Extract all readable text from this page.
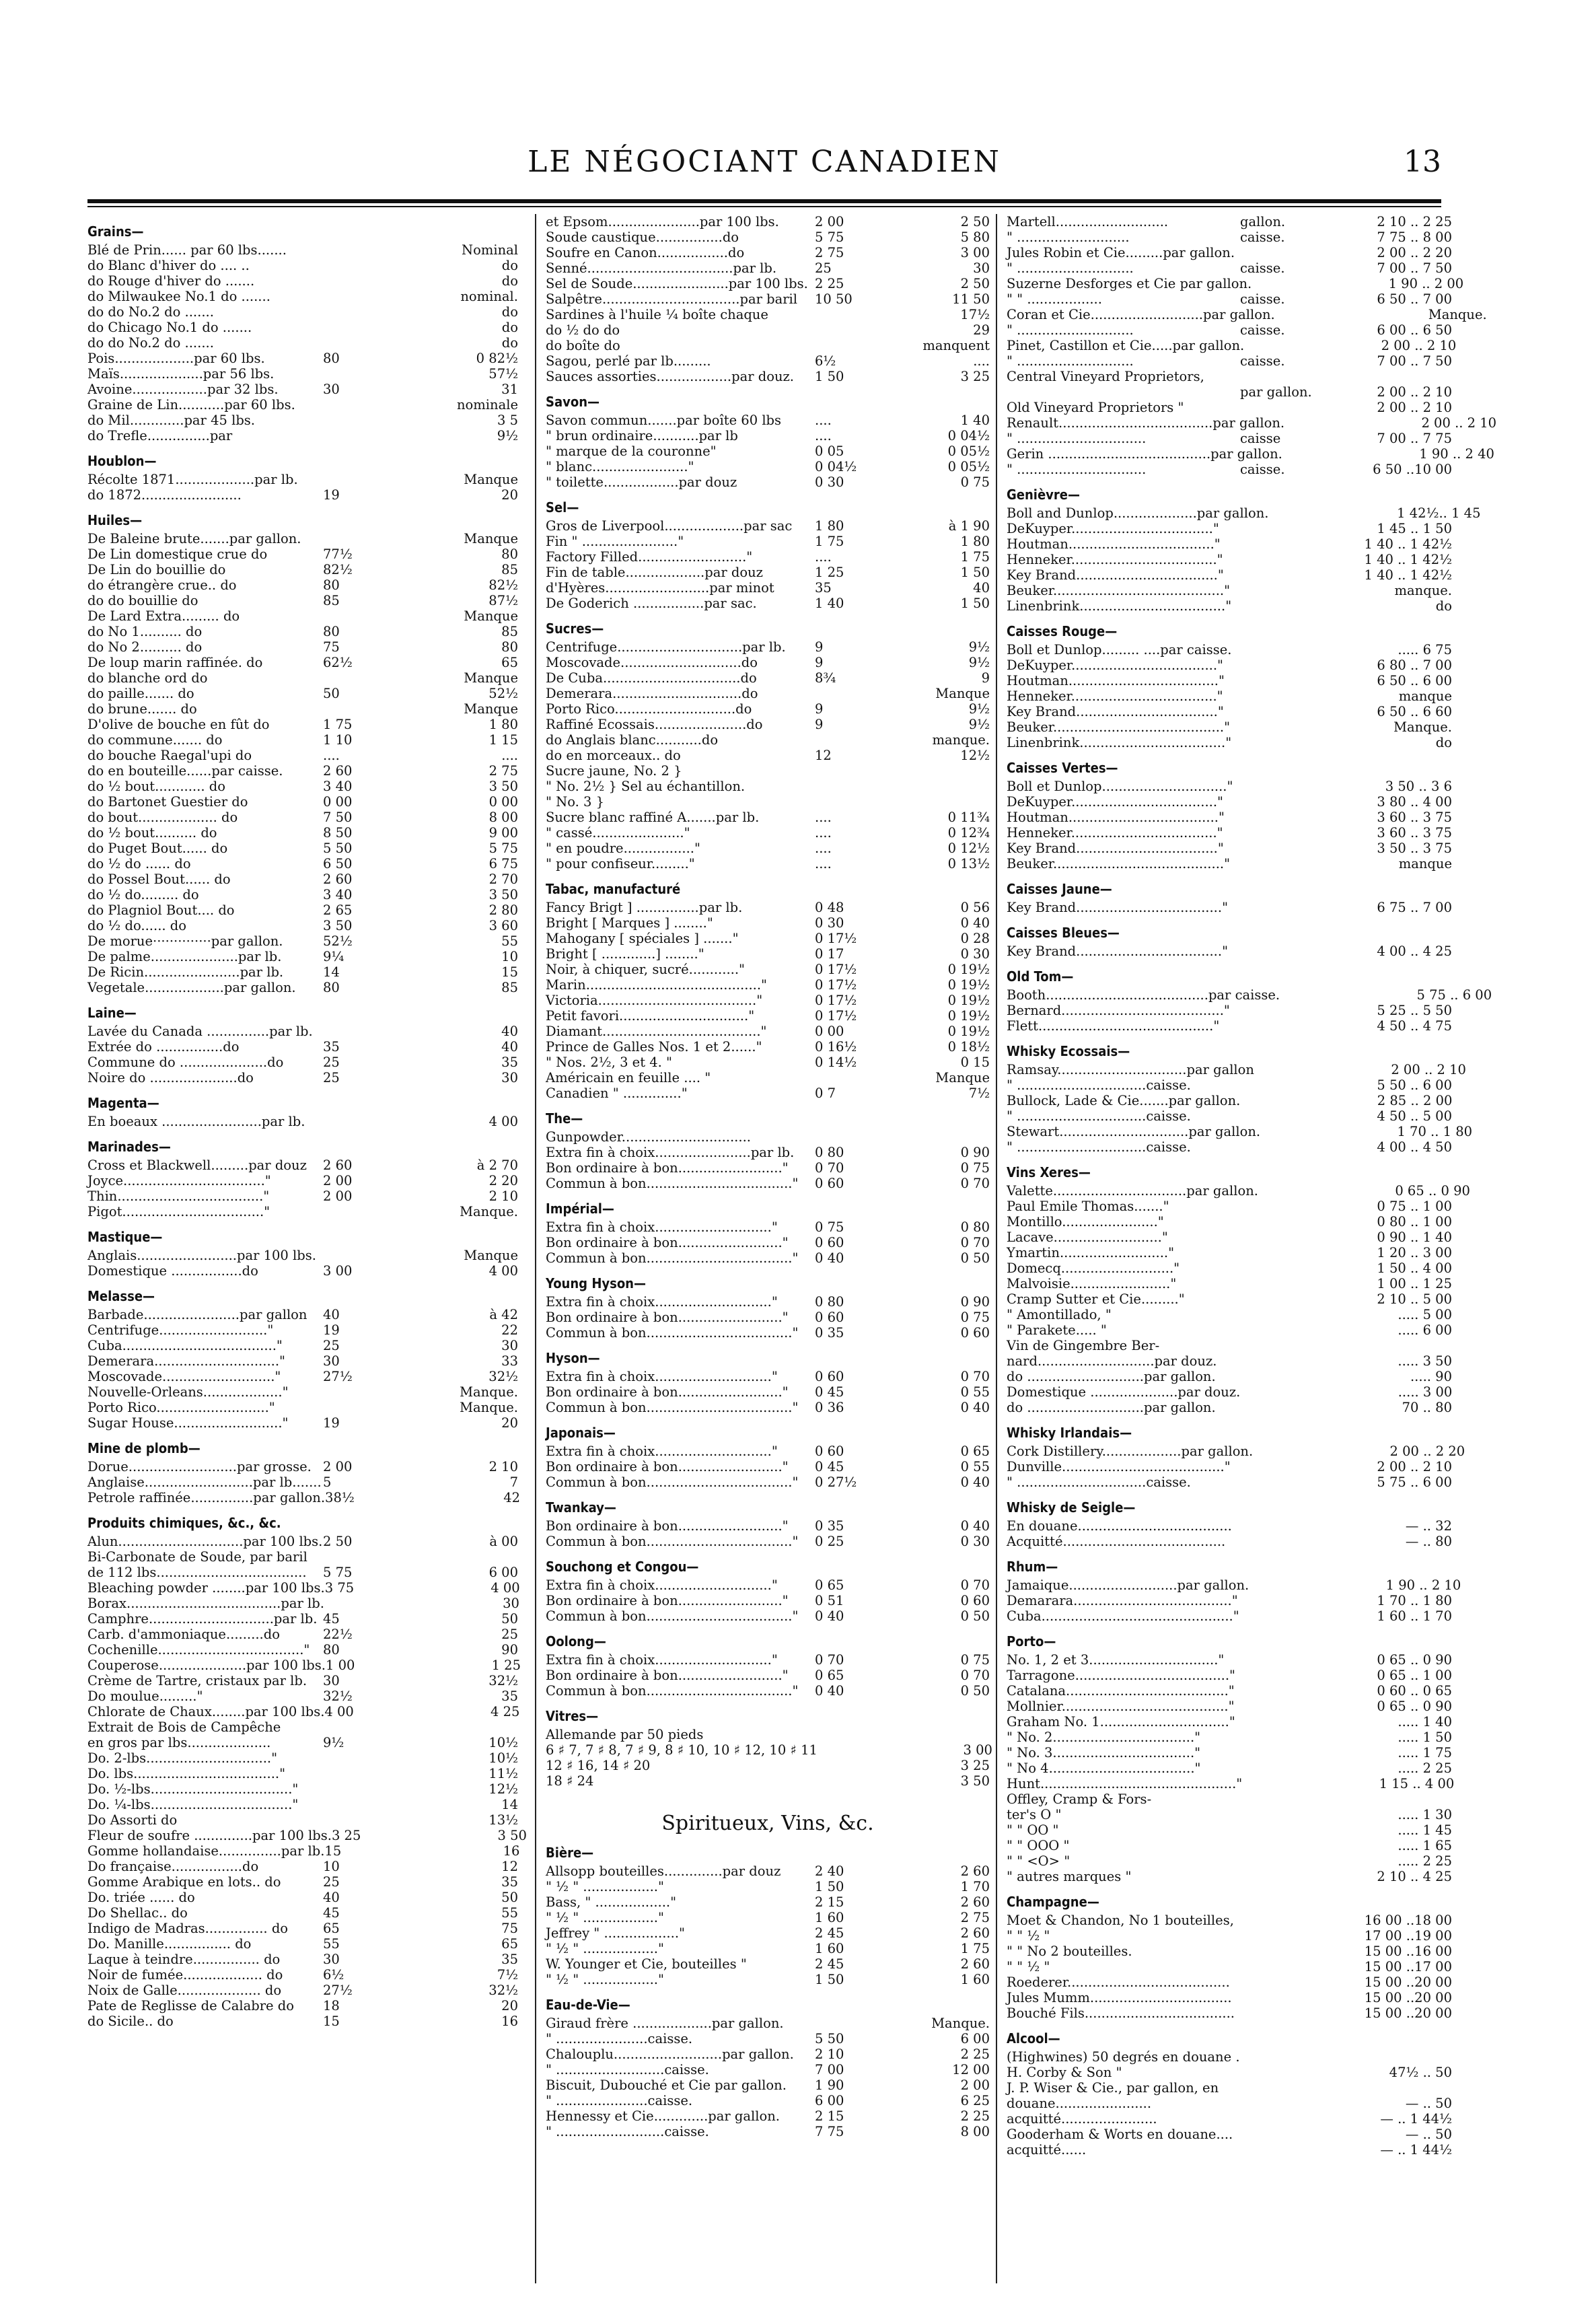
LE NÉGOCIANT CANADIEN	13
Grains—
Blé de Prin...... par 60 lbs.......	Nominal
do Blanc d'hiver do .... ..	do
do Rouge d'hiver do .......	do
do Milwaukee No.1 do .......	nominal.
do do No.2 do .......	do
do Chicago No.1 do .......	do
do do No.2 do .......	do
Pois...................par 60 lbs.	80	0 82½
Maïs....................par 56 lbs.	57½
Avoine..................par 32 lbs.	30	31
Graine de Lin...........par 60 lbs.	nominale
do Mil.............par 45 lbs.	3 5
do Trefle...............par	9½
Houblon—
Récolte 1871...................par lb.	Manque
do 1872........................	19	20
Huiles—
De Baleine brute.......par gallon.	Manque
De Lin domestique crue do	77½	80
De Lin do bouillie do	82½	85
do étrangère crue.. do	80	82½
do do bouillie do	85	87½
De Lard Extra......... do	Manque
do No 1.......... do	80	85
do No 2.......... do	75	80
De loup marin raffinée. do	62½	65
do blanche ord do	Manque
do paille....... do	50	52½
do brune....... do	Manque
D'olive de bouche en fût do	1 75	1 80
do commune....... do	1 10	1 15
do bouche Raegal'upi do	....	....
do en bouteille......par caisse.	2 60	2 75
do ½ bout............ do	3 40	3 50
do Bartonet Guestier do	0 00	0 00
do bout................... do	7 50	8 00
do ½ bout.......... do	8 50	9 00
do Puget Bout...... do	5 50	5 75
do ½ do ...... do	6 50	6 75
do Possel Bout...... do	2 60	2 70
do ½ do......... do	3 40	3 50
do Plagniol Bout.... do	2 65	2 80
do ½ do...... do	3 50	3 60
De morue··············par gallon.	52½	55
De palme.....................par lb.	9¼	10
De Ricin.......................par lb.	14	15
Vegetale...................par gallon.	80	85
Laine—
Lavée du Canada ...............par lb.	40
Extrée do ................do	35	40
Commune do .....................do	25	35
Noire do .....................do	25	30
Magenta—
En boeaux ........................par lb.	4 00
Marinades—
Cross et Blackwell.........par douz	2 60	à 2 70
Joyce.................................."	2 00	2 20
Thin..................................."	2 00	2 10
Pigot.................................."	Manque.
Mastique—
Anglais........................par 100 lbs.	Manque
Domestique .................do	3 00	4 00
Melasse—
Barbade.......................par gallon	40	à 42
Centrifuge.........................."	19	22
Cuba....................................."	25	30
Demerara.............................."	30	33
Moscovade..........................."	27½	32½
Nouvelle-Orleans..................."	Manque.
Porto Rico..........................."	Manque.
Sugar House.........................."	19	20
Mine de plomb—
Dorue..........................par grosse. 2 00	2 10
Anglaise..........................par lb....... 5	7
Petrole raffinée...............par gallon. 38½	42
Produits chimiques, &c., &c.
Alun..............................par 100 lbs. 2 50	à 00
Bi-Carbonate de Soude, par baril
de 112 lbs....................................	5 75	6 00
Bleaching powder ........par 100 lbs. 3 75	4 00
Borax.....................................par lb.	30
Camphre..............................par lb. 45	50
Carb. d'ammoniaque.........do	22½	25
Cochenille..................................."	80	90
Couperose.....................par 100 lbs. 1 00	1 25
Crème de Tartre, cristaux par lb.	30	32½
Do moulue........."	32½	35
Chlorate de Chaux........par 100 lbs. 4 00	4 25
Extrait de Bois de Campêche
en gros par lbs....................	9½	10½
Do. 2-lbs.............................."	10½
Do. lbs..................................."	11½
Do. ½-lbs.................................."	12½
Do. ¼-lbs.................................."	14
Do Assorti do	13½
Fleur de soufre ..............par 100 lbs. 3 25	3 50
Gomme hollandaise...............par lb. 15	16
Do française.................do	10	12
Gomme Arabique en lots.. do	25	35
Do. triée ...... do	40	50
Do Shellac.. do	45	55
Indigo de Madras............... do	65	75
Do. Manille................ do	55	65
Laque à teindre................ do	30	35
Noir de fumée................... do	6½	7½
Noix de Galle.................... do	27½	32½
Pate de Reglisse de Calabre do	18	20
do Sicile.. do	15	16
et Epsom......................par 100 lbs.	2 00	2 50
Soude caustique................do	5 75	5 80
Soufre en Canon.................do	2 75	3 00
Senné...................................par lb.	25	30
Sel de Soude.......................par 100 lbs. 2 25	2 50
Salpêtre.................................par baril	10 50	11 50
Sardines à l'huile ¼ boîte chaque	17½
do ½ do do	29
do boîte do	manquent
Sagou, perlé par lb.........	6½	....
Sauces assorties..................par douz.	1 50	3 25
Savon—
Savon commun.......par boîte 60 lbs	....	1 40
" brun ordinaire...........par lb	....	0 04½
" marque de la couronne"	0 05	0 05½
" blanc......................."	0 04½	0 05½
" toilette..................par douz	0 30	0 75
Sel—
Gros de Liverpool...................par sac	1 80	à 1 90
Fin " ......................."	1 75	1 80
Factory Filled.........................."	....	1 75
Fin de table...................par douz	1 25	1 50
d'Hyères.........................par minot	35	40
De Goderich .................par sac.	1 40	1 50
Sucres—
Centrifuge..............................par lb.	9	9½
Moscovade.............................do	9	9½
De Cuba.................................do	8¾	9
Demerara...............................do	Manque
Porto Rico.............................do	9	9½
Raffiné Ecossais......................do	9	9½
do Anglais blanc...........do	manque.
do en morceaux.. do	12	12½
Sucre jaune, No. 2 }
" No. 2½ } Sel au échantillon.
" No. 3 }
Sucre blanc raffiné A.......par lb.	....	0 11¾
" cassé......................"	....	0 12¾
" en poudre................."	....	0 12½
" pour confiseur........."	....	0 13½
Tabac, manufacturé
Fancy Brigt ] ...............par lb.	0 48	0 56
Bright [ Marques ] ........"	0 30	0 40
Mahogany [ spéciales ] ......."	0 17½	0 28
Bright [ .............] ........"	0 17	0 30
Noir, à chiquer, sucré............"	0 17½	0 19½
Marin.........................................."	0 17½	0 19½
Victoria......................................"	0 17½	0 19½
Petit favori..............................."	0 17½	0 19½
Diamant......................................"	0 00	0 19½
Prince de Galles Nos. 1 et 2......"	0 16½	0 18½
" Nos. 2½, 3 et 4. "	0 14½	0 15
Américain en feuille .... "	Manque
Canadien " .............."	0 7	7½
The—
Gunpowder...............................
Extra fin à choix.......................par lb.	0 80	0 90
Bon ordinaire à bon........................."	0 70	0 75
Commun à bon..................................."	0 60	0 70
Impérial—
Extra fin à choix............................"	0 75	0 80
Bon ordinaire à bon........................."	0 60	0 70
Commun à bon..................................."	0 40	0 50
Young Hyson—
Extra fin à choix............................"	0 80	0 90
Bon ordinaire à bon........................."	0 60	0 75
Commun à bon..................................."	0 35	0 60
Hyson—
Extra fin à choix............................"	0 60	0 70
Bon ordinaire à bon........................."	0 45	0 55
Commun à bon..................................."	0 36	0 40
Japonais—
Extra fin à choix............................"	0 60	0 65
Bon ordinaire à bon........................."	0 45	0 55
Commun à bon..................................."	0 27½	0 40
Twankay—
Bon ordinaire à bon........................."	0 35	0 40
Commun à bon..................................."	0 25	0 30
Souchong et Congou—
Extra fin à choix............................"	0 65	0 70
Bon ordinaire à bon........................."	0 51	0 60
Commun à bon..................................."	0 40	0 50
Oolong—
Extra fin à choix............................"	0 70	0 75
Bon ordinaire à bon........................."	0 65	0 70
Commun à bon..................................."	0 40	0 50
Vitres—
Allemande par 50 pieds
6 ♯ 7, 7 ♯ 8, 7 ♯ 9, 8 ♯ 10, 10 ♯ 12, 10 ♯ 11	3 00
12 ♯ 16, 14 ♯ 20	3 25
18 ♯ 24	3 50
Spiritueux, Vins, &c.
Bière—
Allsopp bouteilles..............par douz	2 40	2 60
" ½ " .................."	1 50	1 70
Bass, " .................."	2 15	2 60
" ½ " .................."	1 60	2 75
Jeffrey " .................."	2 45	2 60
" ½ " .................."	1 60	1 75
W. Younger et Cie, bouteilles "	2 45	2 60
" ½ " .................."	1 50	1 60
Eau-de-Vie—
Giraud frère ...................par gallon.	Manque.
" ......................caisse.	5 50	6 00
Chalouplu..........................par gallon.	2 10	2 25
" ..........................caisse.	7 00	12 00
Biscuit, Dubouché et Cie par gallon.	1 90	2 00
" ......................caisse.	6 00	6 25
Hennessy et Cie.............par gallon.	2 15	2 25
" ..........................caisse.	7 75	8 00
Martell...........................	gallon.	2 10 .. 2 25
" ...........................	caisse.	7 75 .. 8 00
Jules Robin et Cie.........par gallon.	2 00 .. 2 20
" ............................	caisse.	7 00 .. 7 50
Suzerne Desforges et Cie par gallon.	1 90 .. 2 00
" " ..................	caisse.	6 50 .. 7 00
Coran et Cie...........................par gallon.	Manque.
" ............................	caisse.	6 00 .. 6 50
Pinet, Castillon et Cie.....par gallon.	2 00 .. 2 10
" ............................	caisse.	7 00 .. 7 50
Central Vineyard Proprietors,
par gallon.	2 00 .. 2 10
Old Vineyard Proprietors "	2 00 .. 2 10
Renault.....................................par gallon.	2 00 .. 2 10
" ...............................	caisse	7 00 .. 7 75
Gerin .......................................par gallon.	1 90 .. 2 40
" ...............................	caisse.	6 50 ..10 00
Genièvre—
Boll and Dunlop....................par gallon.	1 42½.. 1 45
DeKuyper.................................."	1 45 .. 1 50
Houtman..................................."	1 40 .. 1 42½
Henneker..................................."	1 40 .. 1 42½
Key Brand.................................."	1 40 .. 1 42½
Beuker........................................."	manque.
Linenbrink..................................."	do
Caisses Rouge—
Boll et Dunlop......... ....par caisse.	..... 6 75
DeKuyper..................................."	6 80 .. 7 00
Houtman...................................."	6 50 .. 6 00
Henneker..................................."	manque
Key Brand.................................."	6 50 .. 6 60
Beuker........................................."	Manque.
Linenbrink..................................."	do
Caisses Vertes—
Boll et Dunlop.............................."	3 50 .. 3 6
DeKuyper..................................."	3 80 .. 4 00
Houtman...................................."	3 60 .. 3 75
Henneker..................................."	3 60 .. 3 75
Key Brand.................................."	3 50 .. 3 75
Beuker........................................."	manque
Caisses Jaune—
Key Brand..................................."	6 75 .. 7 00
Caisses Bleues—
Key Brand..................................."	4 00 .. 4 25
Old Tom—
Booth.......................................par caisse.	5 75 .. 6 00
Bernard......................................."	5 25 .. 5 50
Flett.........................................."	4 50 .. 4 75
Whisky Ecossais—
Ramsay...............................par gallon	2 00 .. 2 10
" ...............................caisse.	5 50 .. 6 00
Bullock, Lade & Cie.......par gallon.	2 85 .. 2 00
" ...............................caisse.	4 50 .. 5 00
Stewart...............................par gallon.	1 70 .. 1 80
" ...............................caisse.	4 00 .. 4 50
Vins Xeres—
Valette................................par gallon.	0 65 .. 0 90
Paul Emile Thomas......."	0 75 .. 1 00
Montillo......................."	0 80 .. 1 00
Lacave.........................."	0 90 .. 1 40
Ymartin.........................."	1 20 .. 3 00
Domecq..........................."	1 50 .. 4 00
Malvoisie........................"	1 00 .. 1 25
Cramp Sutter et Cie........."	2 10 .. 5 00
" Amontillado, "	..... 5 00
" Parakete..... "	..... 6 00
Vin de Gingembre Ber-
nard............................par douz.	..... 3 50
do ............................par gallon.	..... 90
Domestique .....................par douz.	..... 3 00
do ............................par gallon.	70 .. 80
Whisky Irlandais—
Cork Distillery...................par gallon.	2 00 .. 2 20
Dunville......................................."	2 00 .. 2 10
" ...............................caisse.	5 75 .. 6 00
Whisky de Seigle—
En douane.....................................	— .. 32
Acquitté.......................................	— .. 80
Rhum—
Jamaique..........................par gallon.	1 90 .. 2 10
Demarara......................................"	1 70 .. 1 80
Cuba.............................................."	1 60 .. 1 70
Porto—
No. 1, 2 et 3..............................."	0 65 .. 0 90
Tarragone....................................."	0 65 .. 1 00
Catalana......................................."	0 60 .. 0 65
Mollnier........................................"	0 65 .. 0 90
Graham No. 1..............................."	..... 1 40
" No. 2.................................."	..... 1 50
" No. 3.................................."	..... 1 75
" No 4..................................."	..... 2 25
Hunt..............................................."	1 15 .. 4 00
Offley, Cramp & Fors-
ter's O "	..... 1 30
" " OO "	..... 1 45
" " OOO "	..... 1 65
" " <O> "	..... 2 25
" autres marques "	2 10 .. 4 25
Champagne—
Moet & Chandon, No 1 bouteilles,	16 00 ..18 00
" " ½ "	17 00 ..19 00
" " No 2 bouteilles.	15 00 ..16 00
" " ½ "	15 00 ..17 00
Roederer.......................................	15 00 ..20 00
Jules Mumm..................................	15 00 ..20 00
Bouché Fils....................................	15 00 ..20 00
Alcool—
(Highwines) 50 degrés en douane .
H. Corby & Son "	47½ .. 50
J. P. Wiser & Cie., par gallon, en
douane.......................	— .. 50
acquitté.......................	— .. 1 44½
Gooderham & Worts en douane....	— .. 50
acquitté......	— .. 1 44½
